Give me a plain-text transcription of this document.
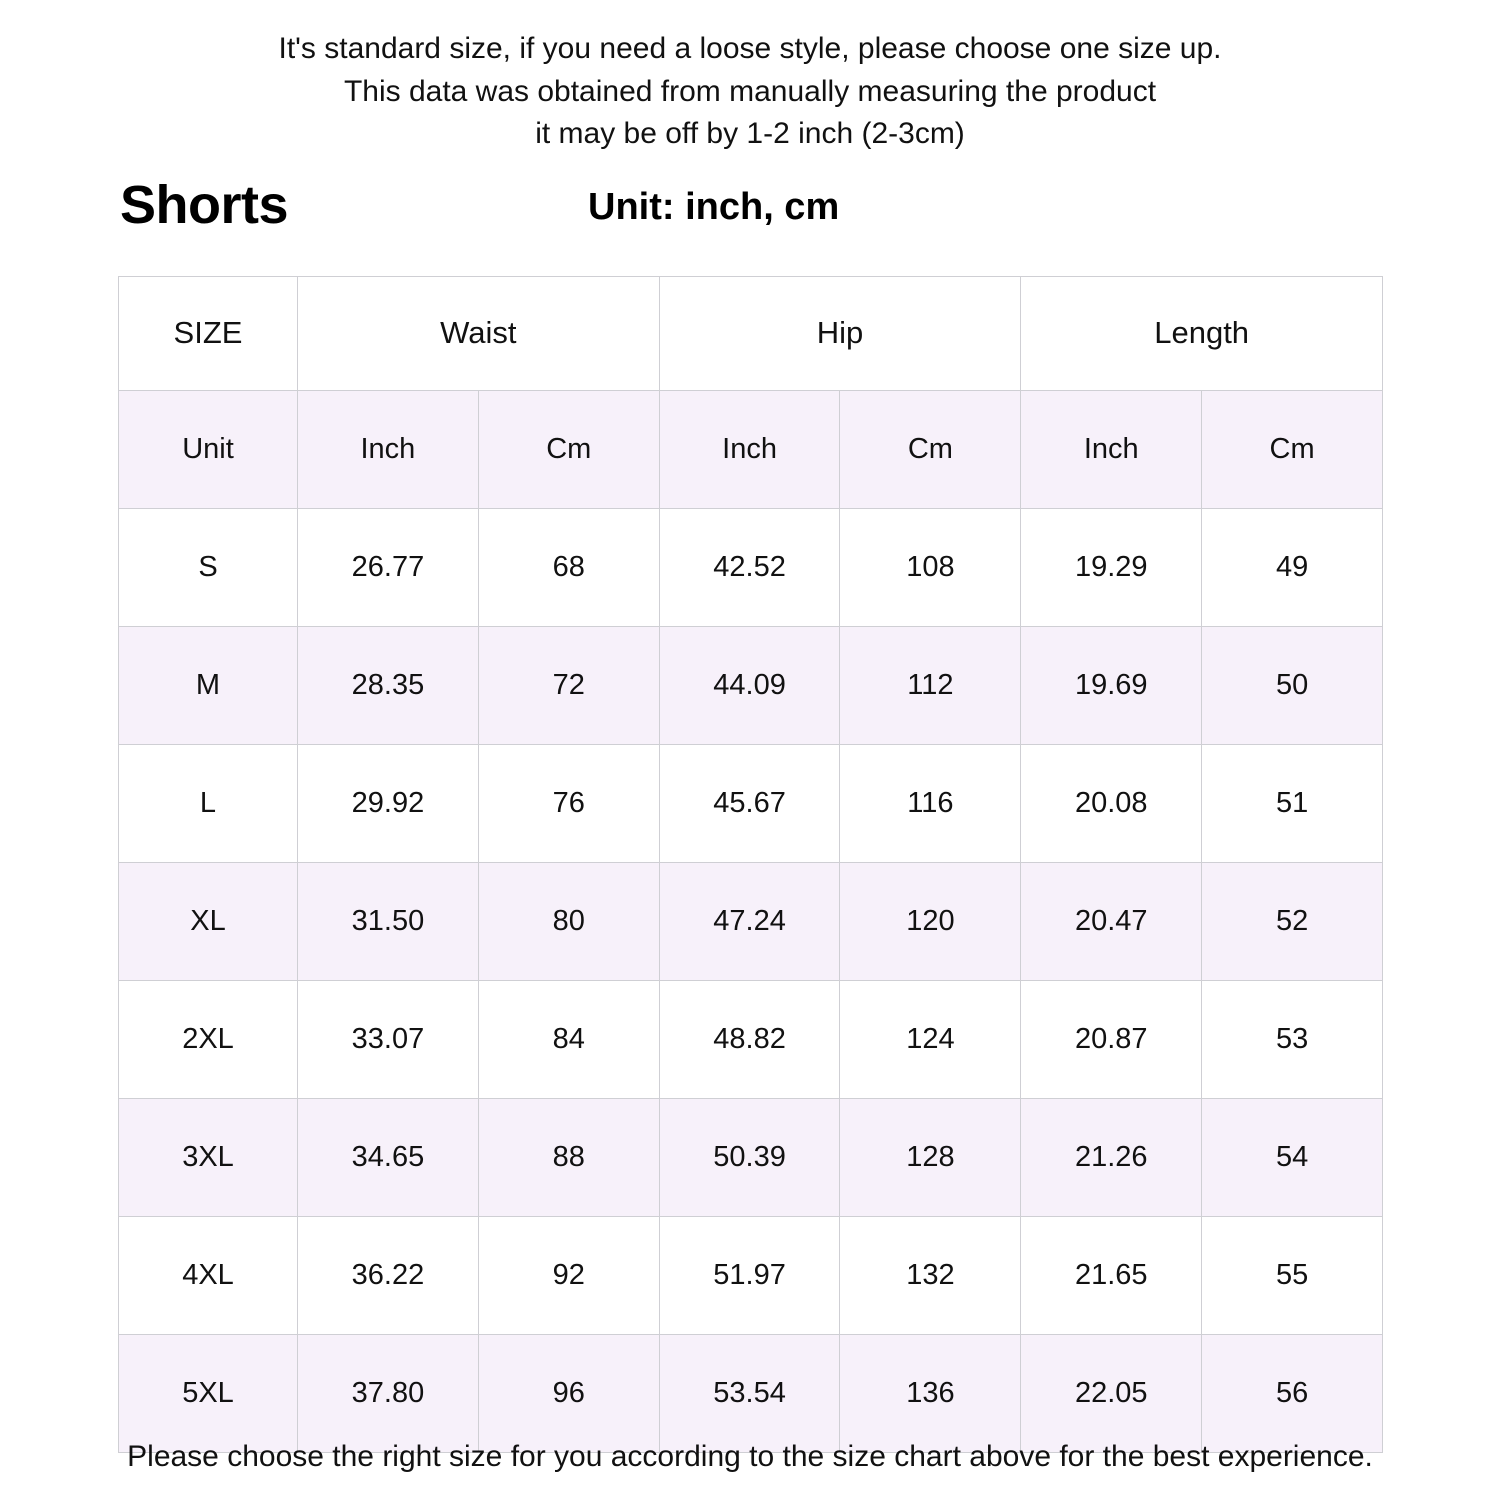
It's standard size, if you need a loose style, please choose one size up.
This data was obtained from manually measuring the product
it may be off by 1-2 inch (2-3cm)
Shorts	Unit: inch, cm
SIZE	Waist		Hip		Length	
Unit	Inch	Cm	Inch	Cm	Inch	Cm
S	26.77	68	42.52	108	19.29	49
M	28.35	72	44.09	112	19.69	50
L	29.92	76	45.67	116	20.08	51
XL	31.50	80	47.24	120	20.47	52
2XL	33.07	84	48.82	124	20.87	53
3XL	34.65	88	50.39	128	21.26	54
4XL	36.22	92	51.97	132	21.65	55
5XL	37.80	96	53.54	136	22.05	56
Please choose the right size for you according to the size chart above for the best experience.
